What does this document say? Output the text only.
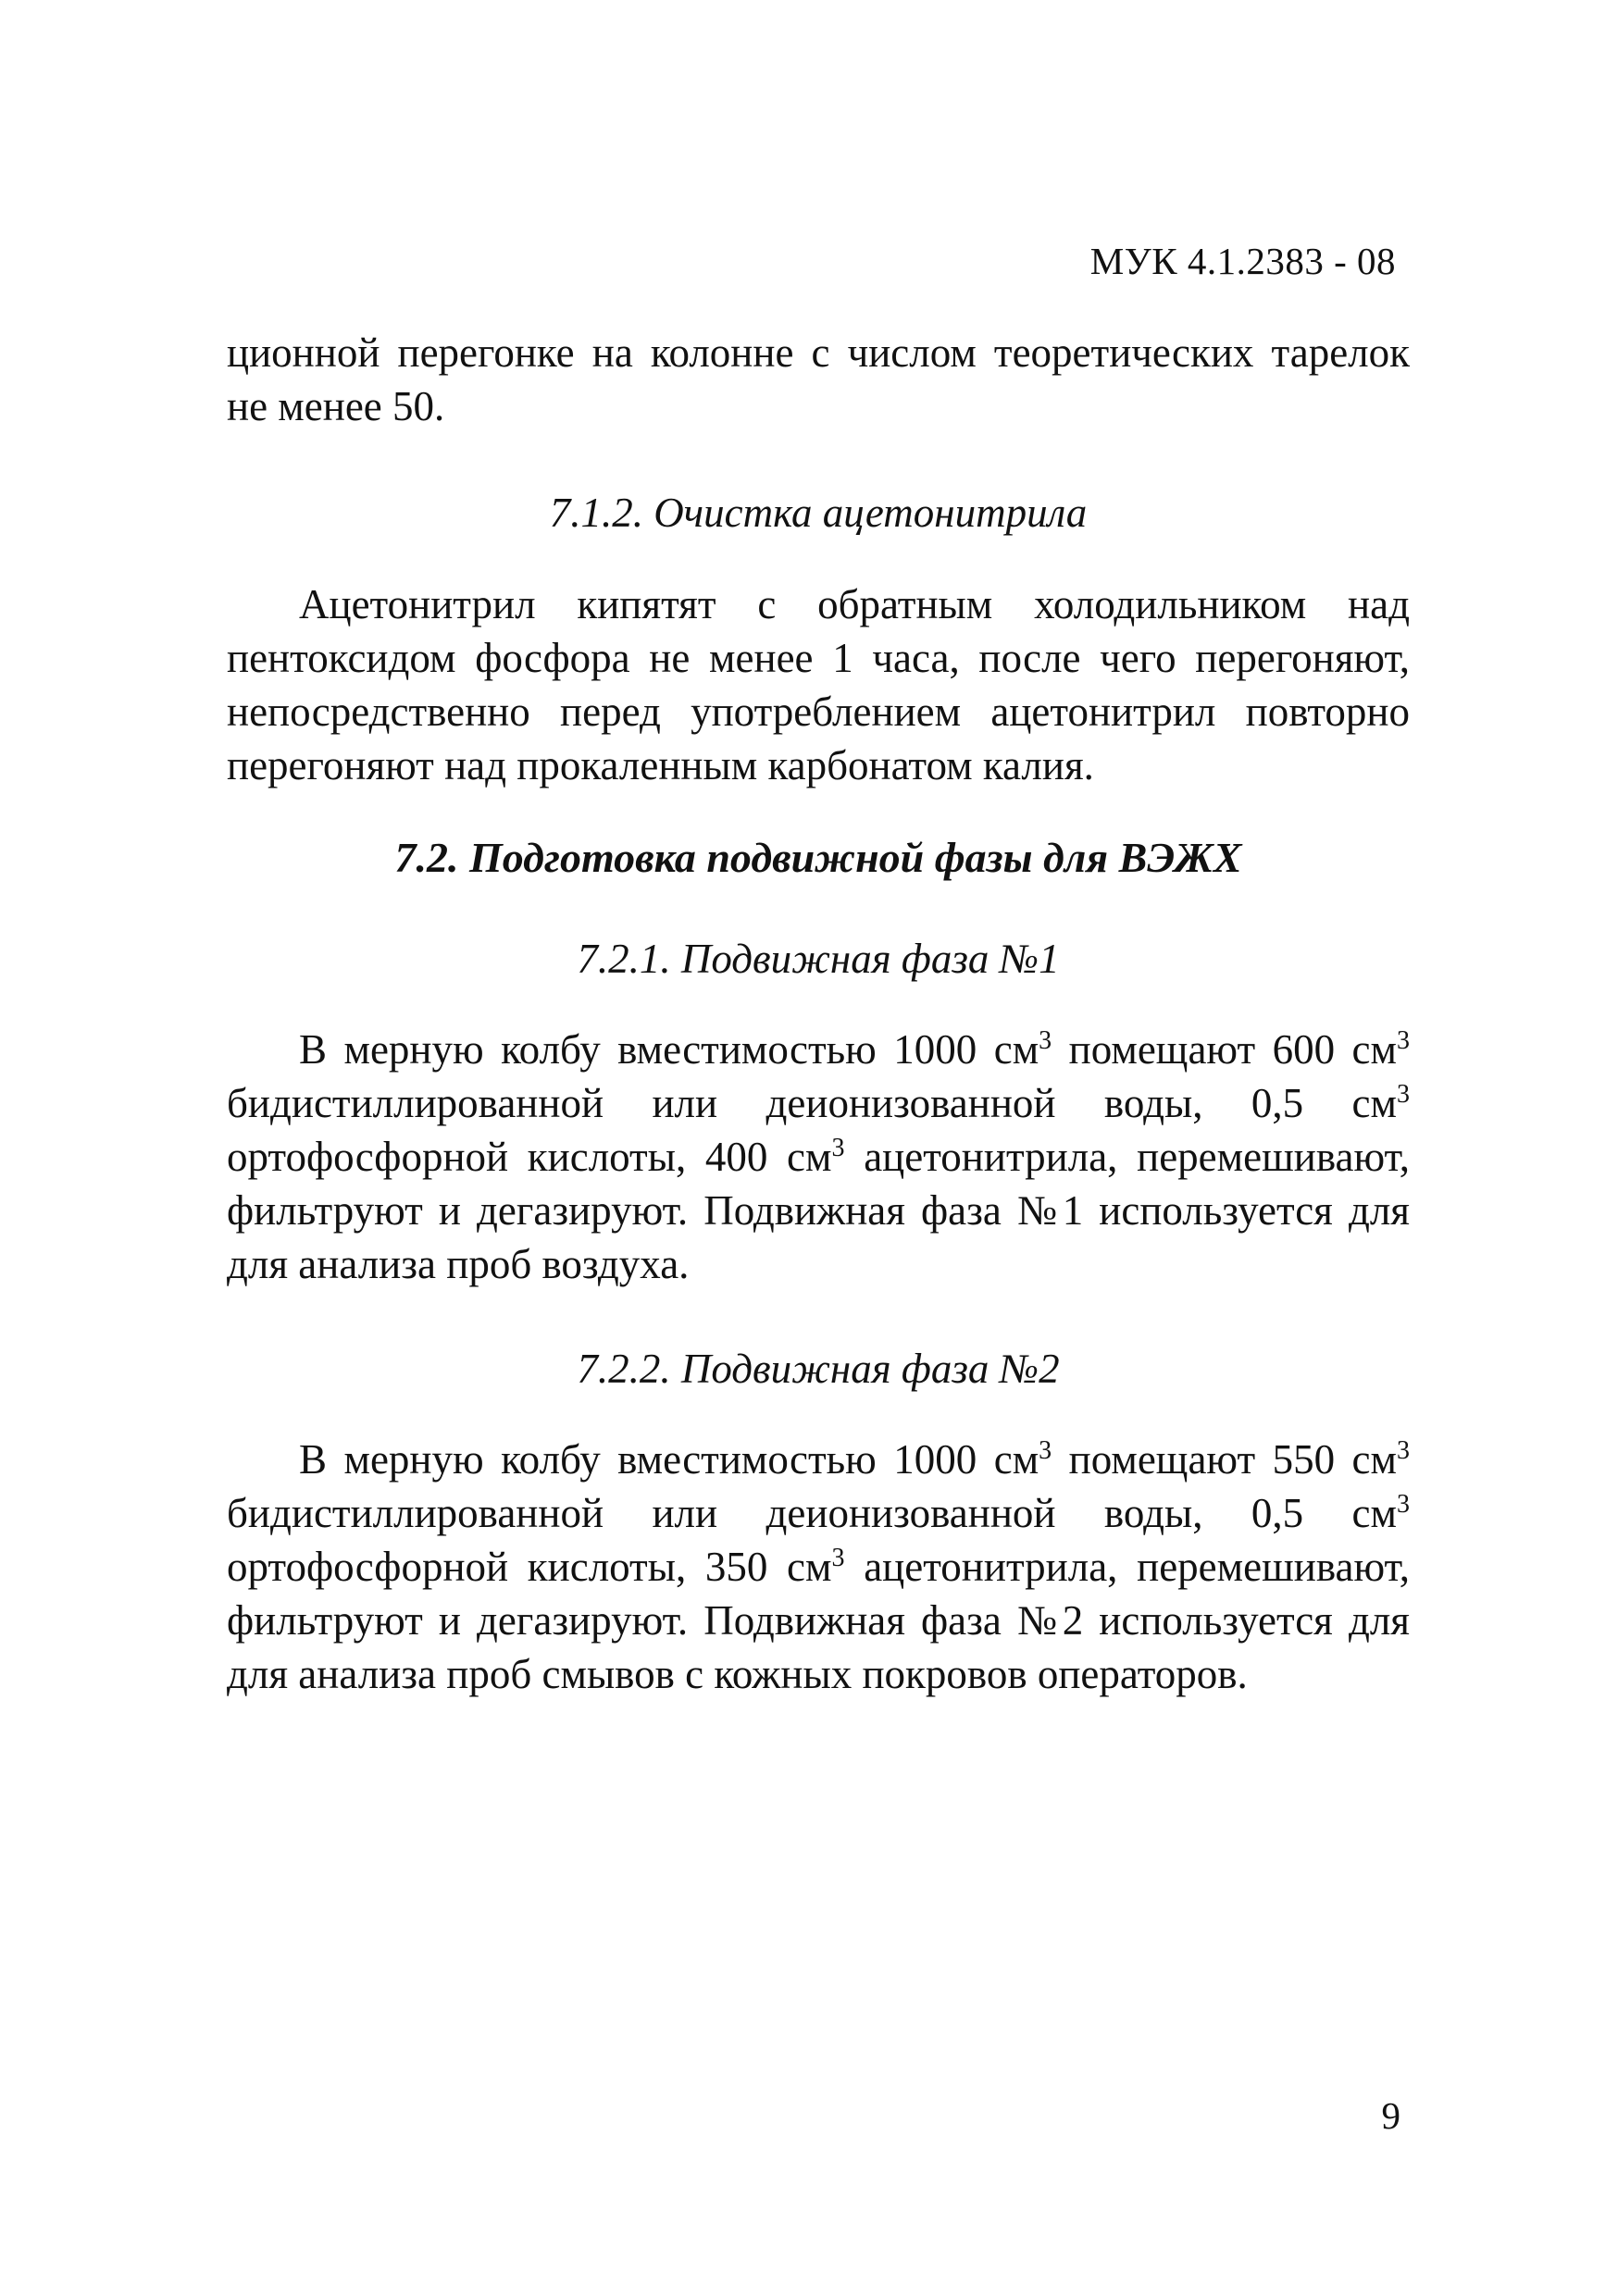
МУК 4.1.2383 - 08

ционной перегонке на колонне с числом теоретических тарелок не менее 50.

7.1.2. Очистка ацетонитрила

Ацетонитрил кипятят с обратным холодильником над пентоксидом фосфора не менее 1 часа, после чего перегоняют, непосредственно перед употреблением ацетонитрил повторно перегоняют над прокаленным карбонатом калия.

7.2. Подготовка подвижной фазы для ВЭЖХ
7.2.1. Подвижная фаза №1

В мерную колбу вместимостью 1000 $см^3$ помещают 600 $см^3$ бидистиллированной или деионизованной воды, 0,5 $см^3$ ортофосфорной кислоты, 400 $см^3$ ацетонитрила, перемешивают, фильтруют и дегазируют. Подвижная фаза №1 используется для для анализа проб воздуха.

7.2.2. Подвижная фаза №2

В мерную колбу вместимостью 1000 $см^3$ помещают 550 $см^3$ бидистиллированной или деионизованной воды, 0,5 $см^3$ ортофосфорной кислоты, 350 $см^3$ ацетонитрила, перемешивают, фильтруют и дегазируют. Подвижная фаза №2 используется для для анализа проб смывов с кожных покровов операторов.

9
